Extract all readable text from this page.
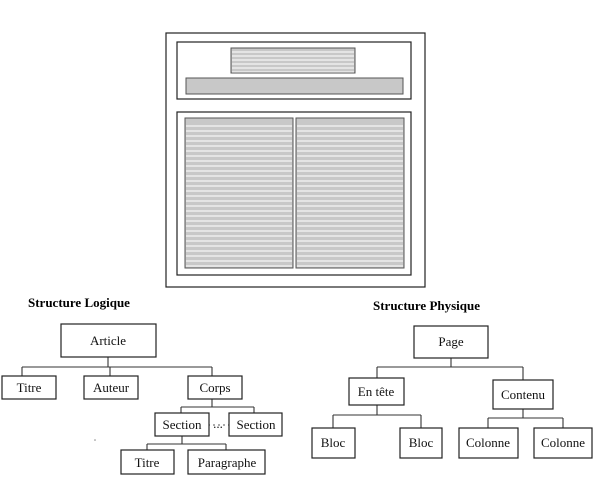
Structure Logique
Article
Titre	Auteur	Corps
Section ... Section
Titre	Paragraphe
Structure Physique
Page
En tête	Contenu
Bloc	Bloc	Colonne Colonne
